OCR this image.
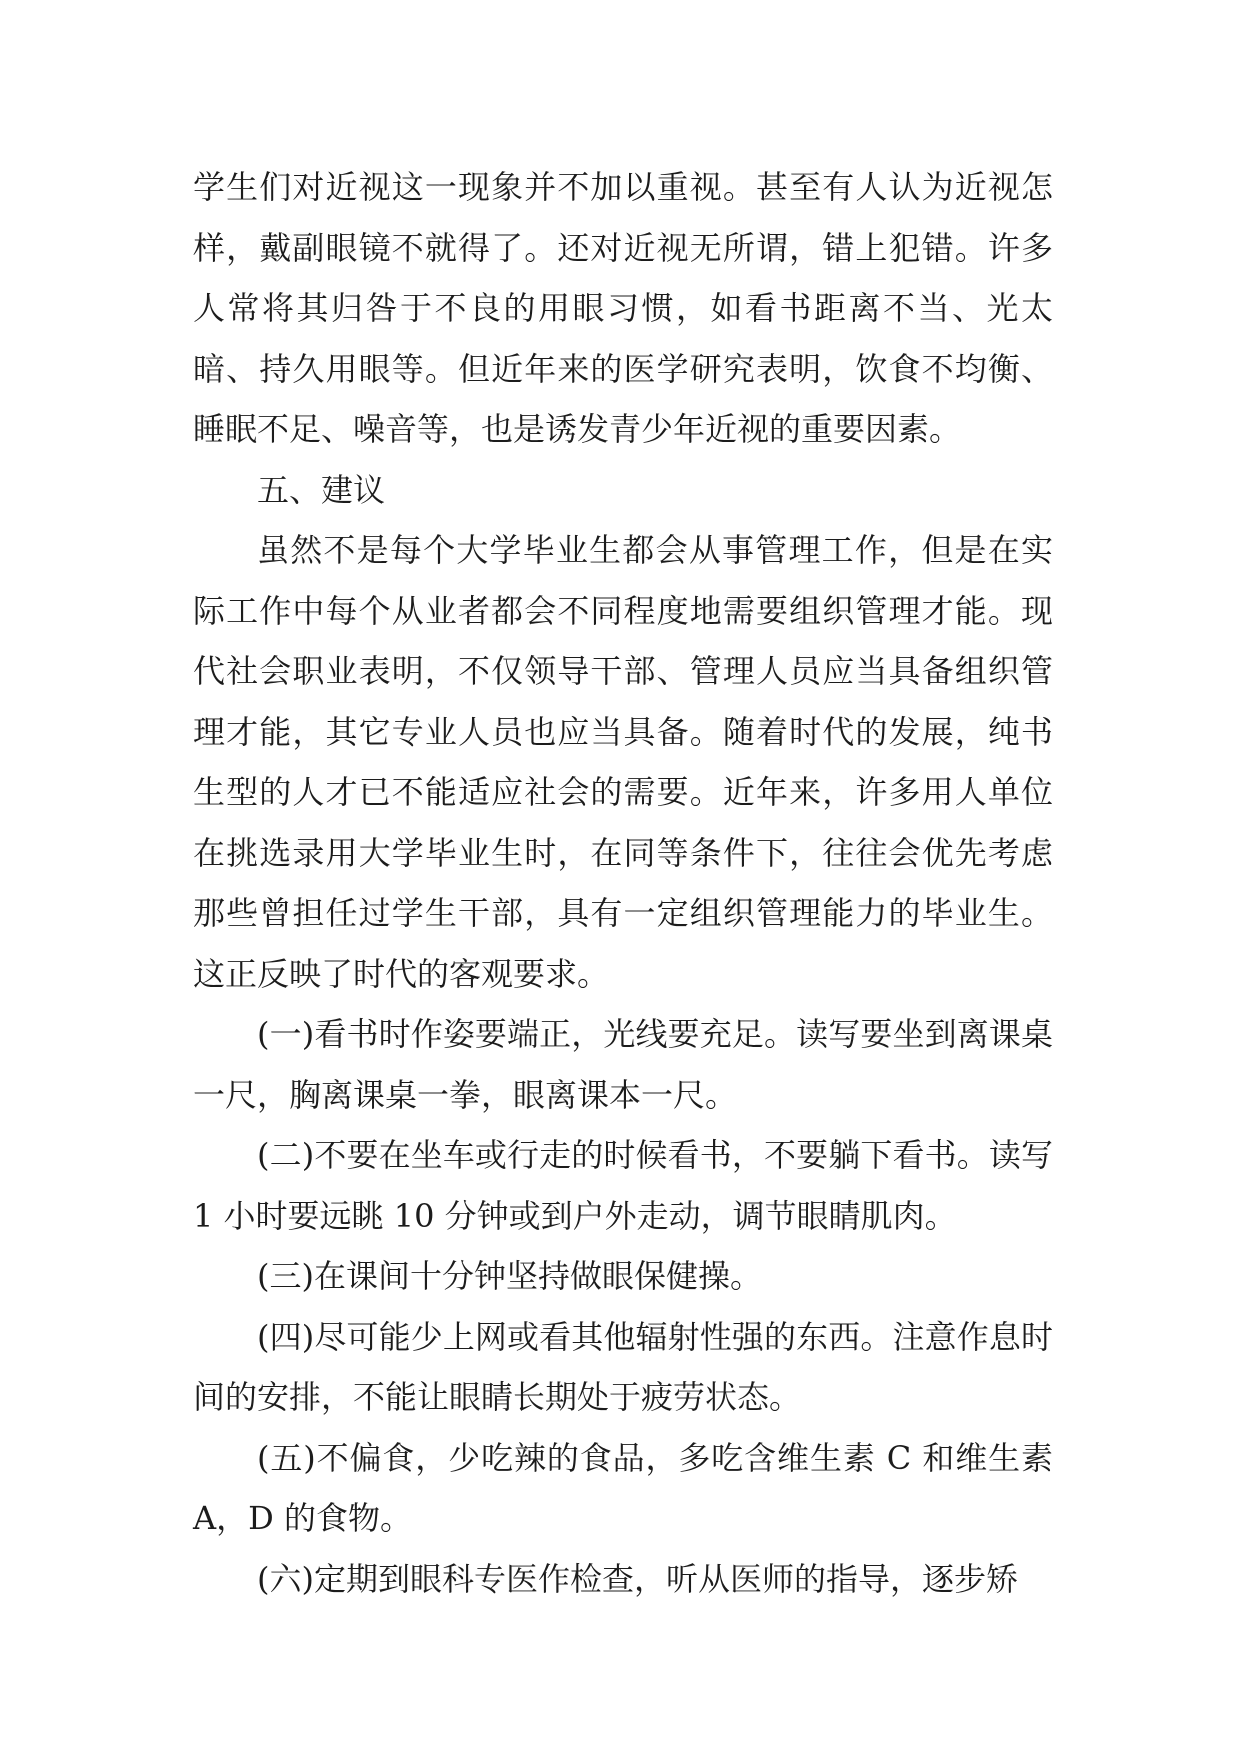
学生们对近视这一现象并不加以重视。甚至有人认为近视怎样，戴副眼镜不就得了。还对近视无所谓，错上犯错。许多人常将其归咎于不良的用眼习惯，如看书距离不当、光太暗、持久用眼等。但近年来的医学研究表明，饮食不均衡、睡眠不足、噪音等，也是诱发青少年近视的重要因素。

五、建议

虽然不是每个大学毕业生都会从事管理工作，但是在实际工作中每个从业者都会不同程度地需要组织管理才能。现代社会职业表明，不仅领导干部、管理人员应当具备组织管理才能，其它专业人员也应当具备。随着时代的发展，纯书生型的人才已不能适应社会的需要。近年来，许多用人单位在挑选录用大学毕业生时，在同等条件下，往往会优先考虑那些曾担任过学生干部，具有一定组织管理能力的毕业生。这正反映了时代的客观要求。

(一)看书时作姿要端正，光线要充足。读写要坐到离课桌一尺，胸离课桌一拳，眼离课本一尺。

(二)不要在坐车或行走的时候看书，不要躺下看书。读写 1 小时要远眺 10 分钟或到户外走动，调节眼睛肌肉。

(三)在课间十分钟坚持做眼保健操。

(四)尽可能少上网或看其他辐射性强的东西。注意作息时间的安排，不能让眼睛长期处于疲劳状态。

(五)不偏食，少吃辣的食品，多吃含维生素 C 和维生素 A，D 的食物。

(六)定期到眼科专医作检查，听从医师的指导，逐步矫
